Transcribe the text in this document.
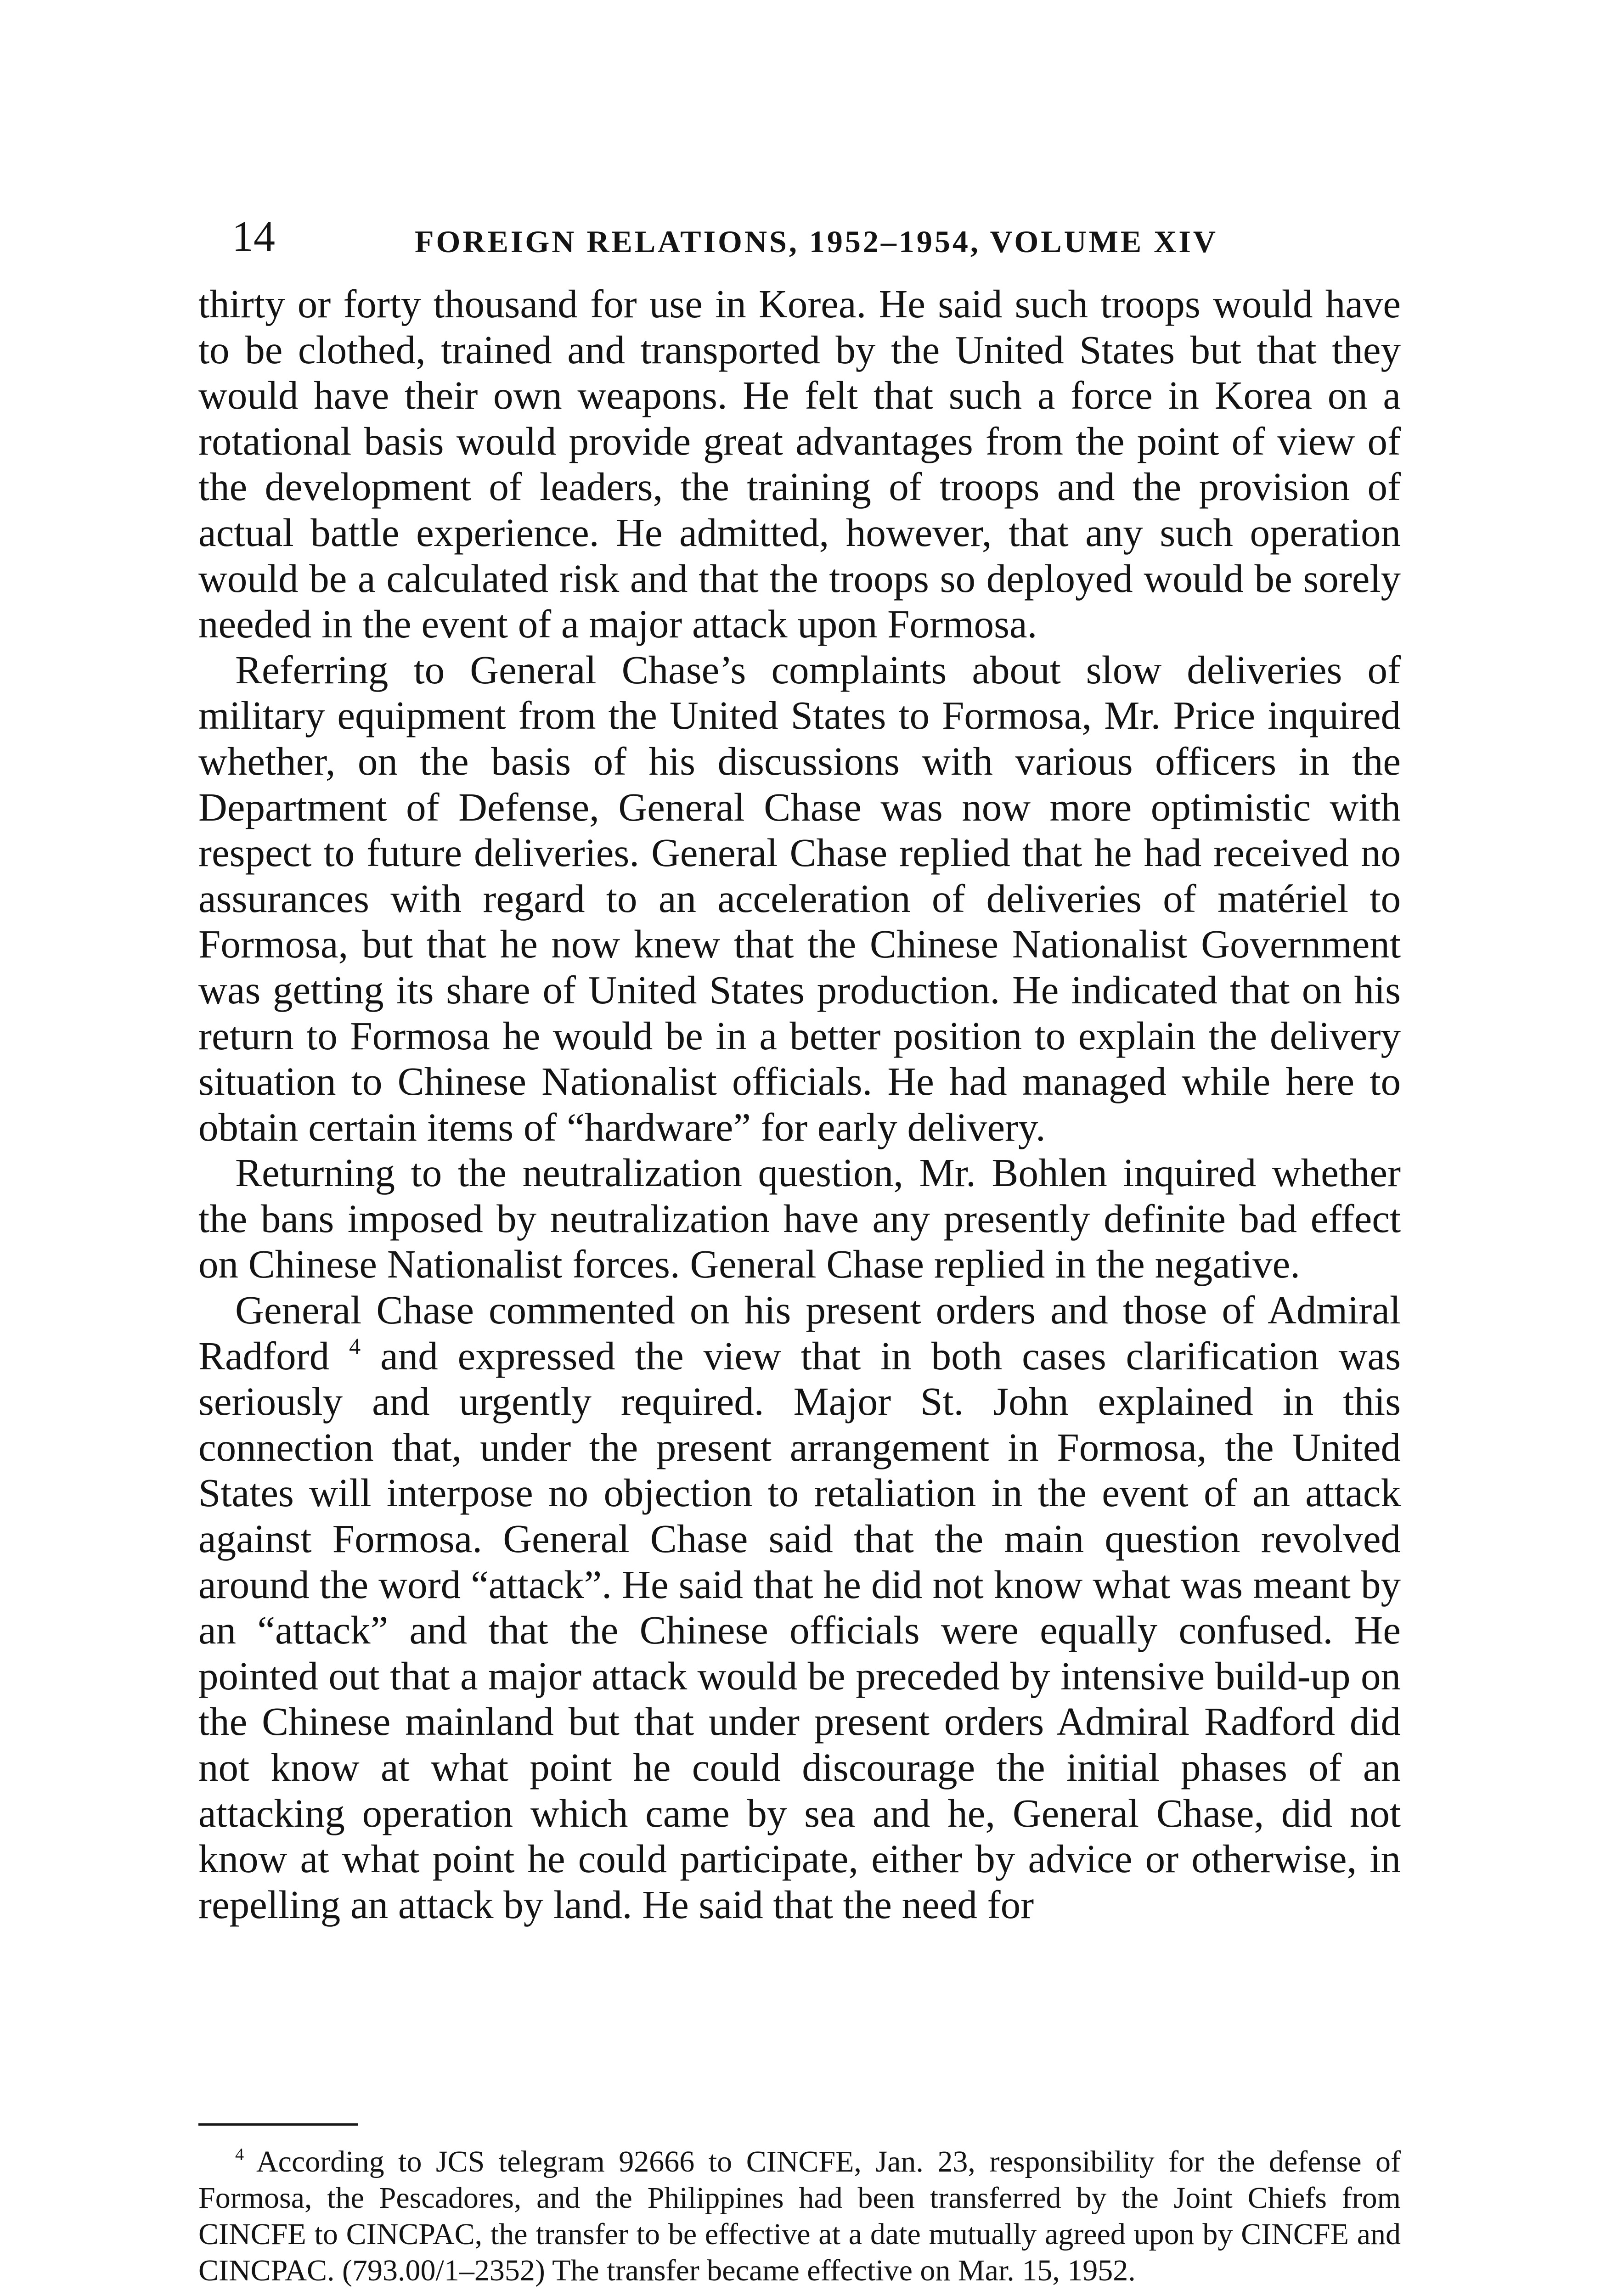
14	FOREIGN RELATIONS, 1952–1954, VOLUME XIV

thirty or forty thousand for use in Korea. He said such troops would have to be clothed, trained and transported by the United States but that they would have their own weapons. He felt that such a force in Korea on a rotational basis would provide great advantages from the point of view of the development of leaders, the training of troops and the provision of actual battle experience. He admitted, however, that any such operation would be a calculated risk and that the troops so deployed would be sorely needed in the event of a major attack upon Formosa.

Referring to General Chase’s complaints about slow deliveries of military equipment from the United States to Formosa, Mr. Price inquired whether, on the basis of his discussions with various officers in the Department of Defense, General Chase was now more optimistic with respect to future deliveries. General Chase replied that he had received no assurances with regard to an acceleration of deliveries of matériel to Formosa, but that he now knew that the Chinese Nationalist Government was getting its share of United States production. He indicated that on his return to Formosa he would be in a better position to explain the delivery situation to Chinese Nationalist officials. He had managed while here to obtain certain items of “hardware” for early delivery.

Returning to the neutralization question, Mr. Bohlen inquired whether the bans imposed by neutralization have any presently definite bad effect on Chinese Nationalist forces. General Chase replied in the negative.

General Chase commented on his present orders and those of Admiral Radford $^4$ and expressed the view that in both cases clarification was seriously and urgently required. Major St. John explained in this connection that, under the present arrangement in Formosa, the United States will interpose no objection to retaliation in the event of an attack against Formosa. General Chase said that the main question revolved around the word “attack”. He said that he did not know what was meant by an “attack” and that the Chinese officials were equally confused. He pointed out that a major attack would be preceded by intensive build-up on the Chinese mainland but that under present orders Admiral Radford did not know at what point he could discourage the initial phases of an attacking operation which came by sea and he, General Chase, did not know at what point he could participate, either by advice or otherwise, in repelling an attack by land. He said that the need for

$^4$ According to JCS telegram 92666 to CINCFE, Jan. 23, responsibility for the defense of Formosa, the Pescadores, and the Philippines had been transferred by the Joint Chiefs from CINCFE to CINCPAC, the transfer to be effective at a date mutually agreed upon by CINCFE and CINCPAC. (793.00/1–2352) The transfer became effective on Mar. 15, 1952.
